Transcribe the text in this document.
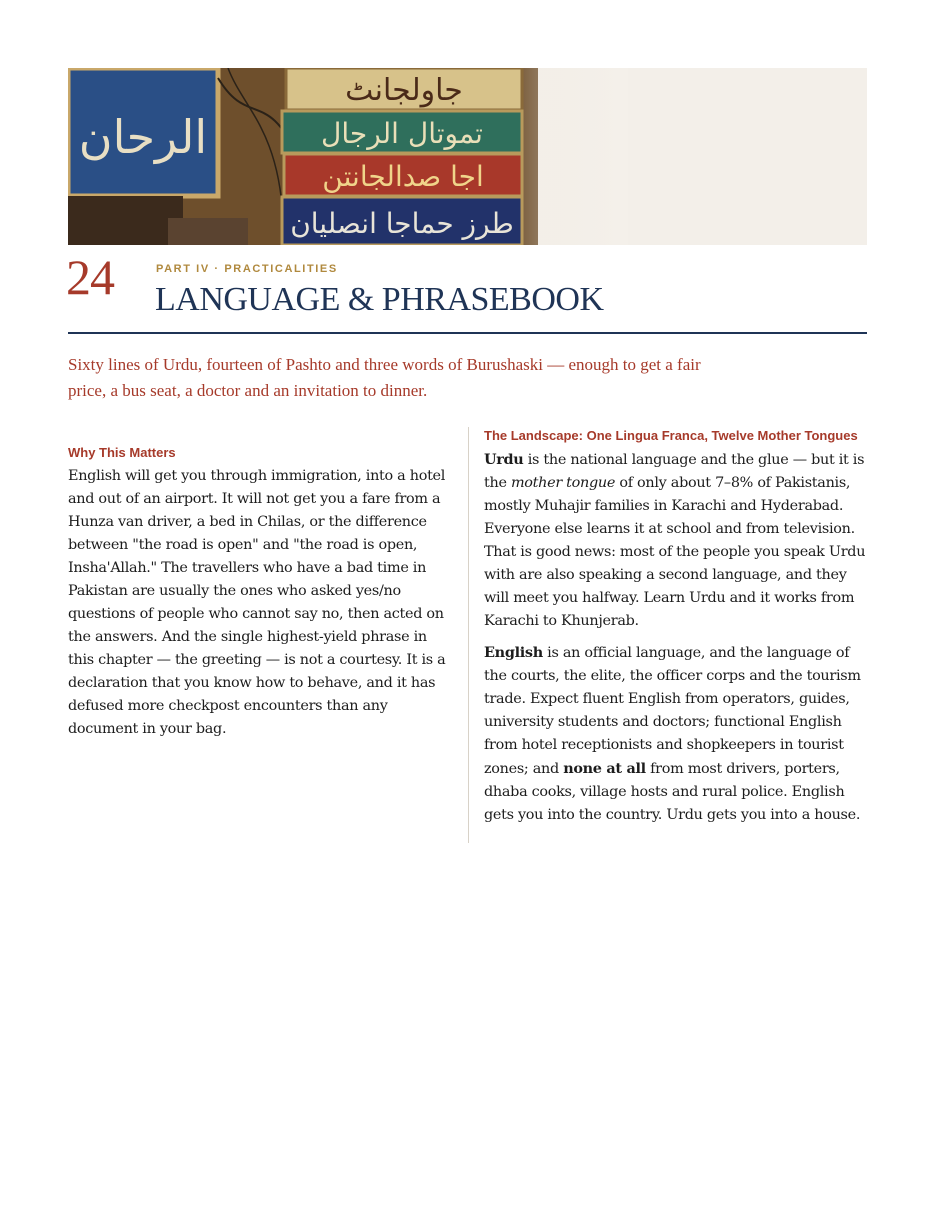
الرحان
جاولجانٹ
تموتال الرجال
اجا صدالجانتن
طرز حماجا انصلیان
24	PART IV · PRACTICALITIES
LANGUAGE & PHRASEBOOK
Sixty lines of Urdu, fourteen of Pashto and three words of Burushaski — enough to get a fair price, a bus seat, a doctor and an invitation to dinner.
Why This Matters

English will get you through immigration, into a hotel and out of an airport. It will not get you a fare from a Hunza van driver, a bed in Chilas, or the difference between "the road is open" and "the road is open, Insha'Allah." The travellers who have a bad time in Pakistan are usually the ones who asked yes/no questions of people who cannot say no, then acted on the answers. And the single highest-yield phrase in this chapter — the greeting — is not a courtesy. It is a declaration that you know how to behave, and it has defused more checkpost encounters than any document in your bag.

The Landscape: One Lingua Franca, Twelve Mother Tongues

Urdu is the national language and the glue — but it is the mother tongue of only about 7–8% of Pakistanis, mostly Muhajir families in Karachi and Hyderabad. Everyone else learns it at school and from television. That is good news: most of the people you speak Urdu with are also speaking a second language, and they will meet you halfway. Learn Urdu and it works from Karachi to Khunjerab.

English is an official language, and the language of the courts, the elite, the officer corps and the tourism trade. Expect fluent English from operators, guides, university students and doctors; functional English from hotel receptionists and shopkeepers in tourist zones; and none at all from most drivers, porters, dhaba cooks, village hosts and rural police. English gets you into the country. Urdu gets you into a house.
